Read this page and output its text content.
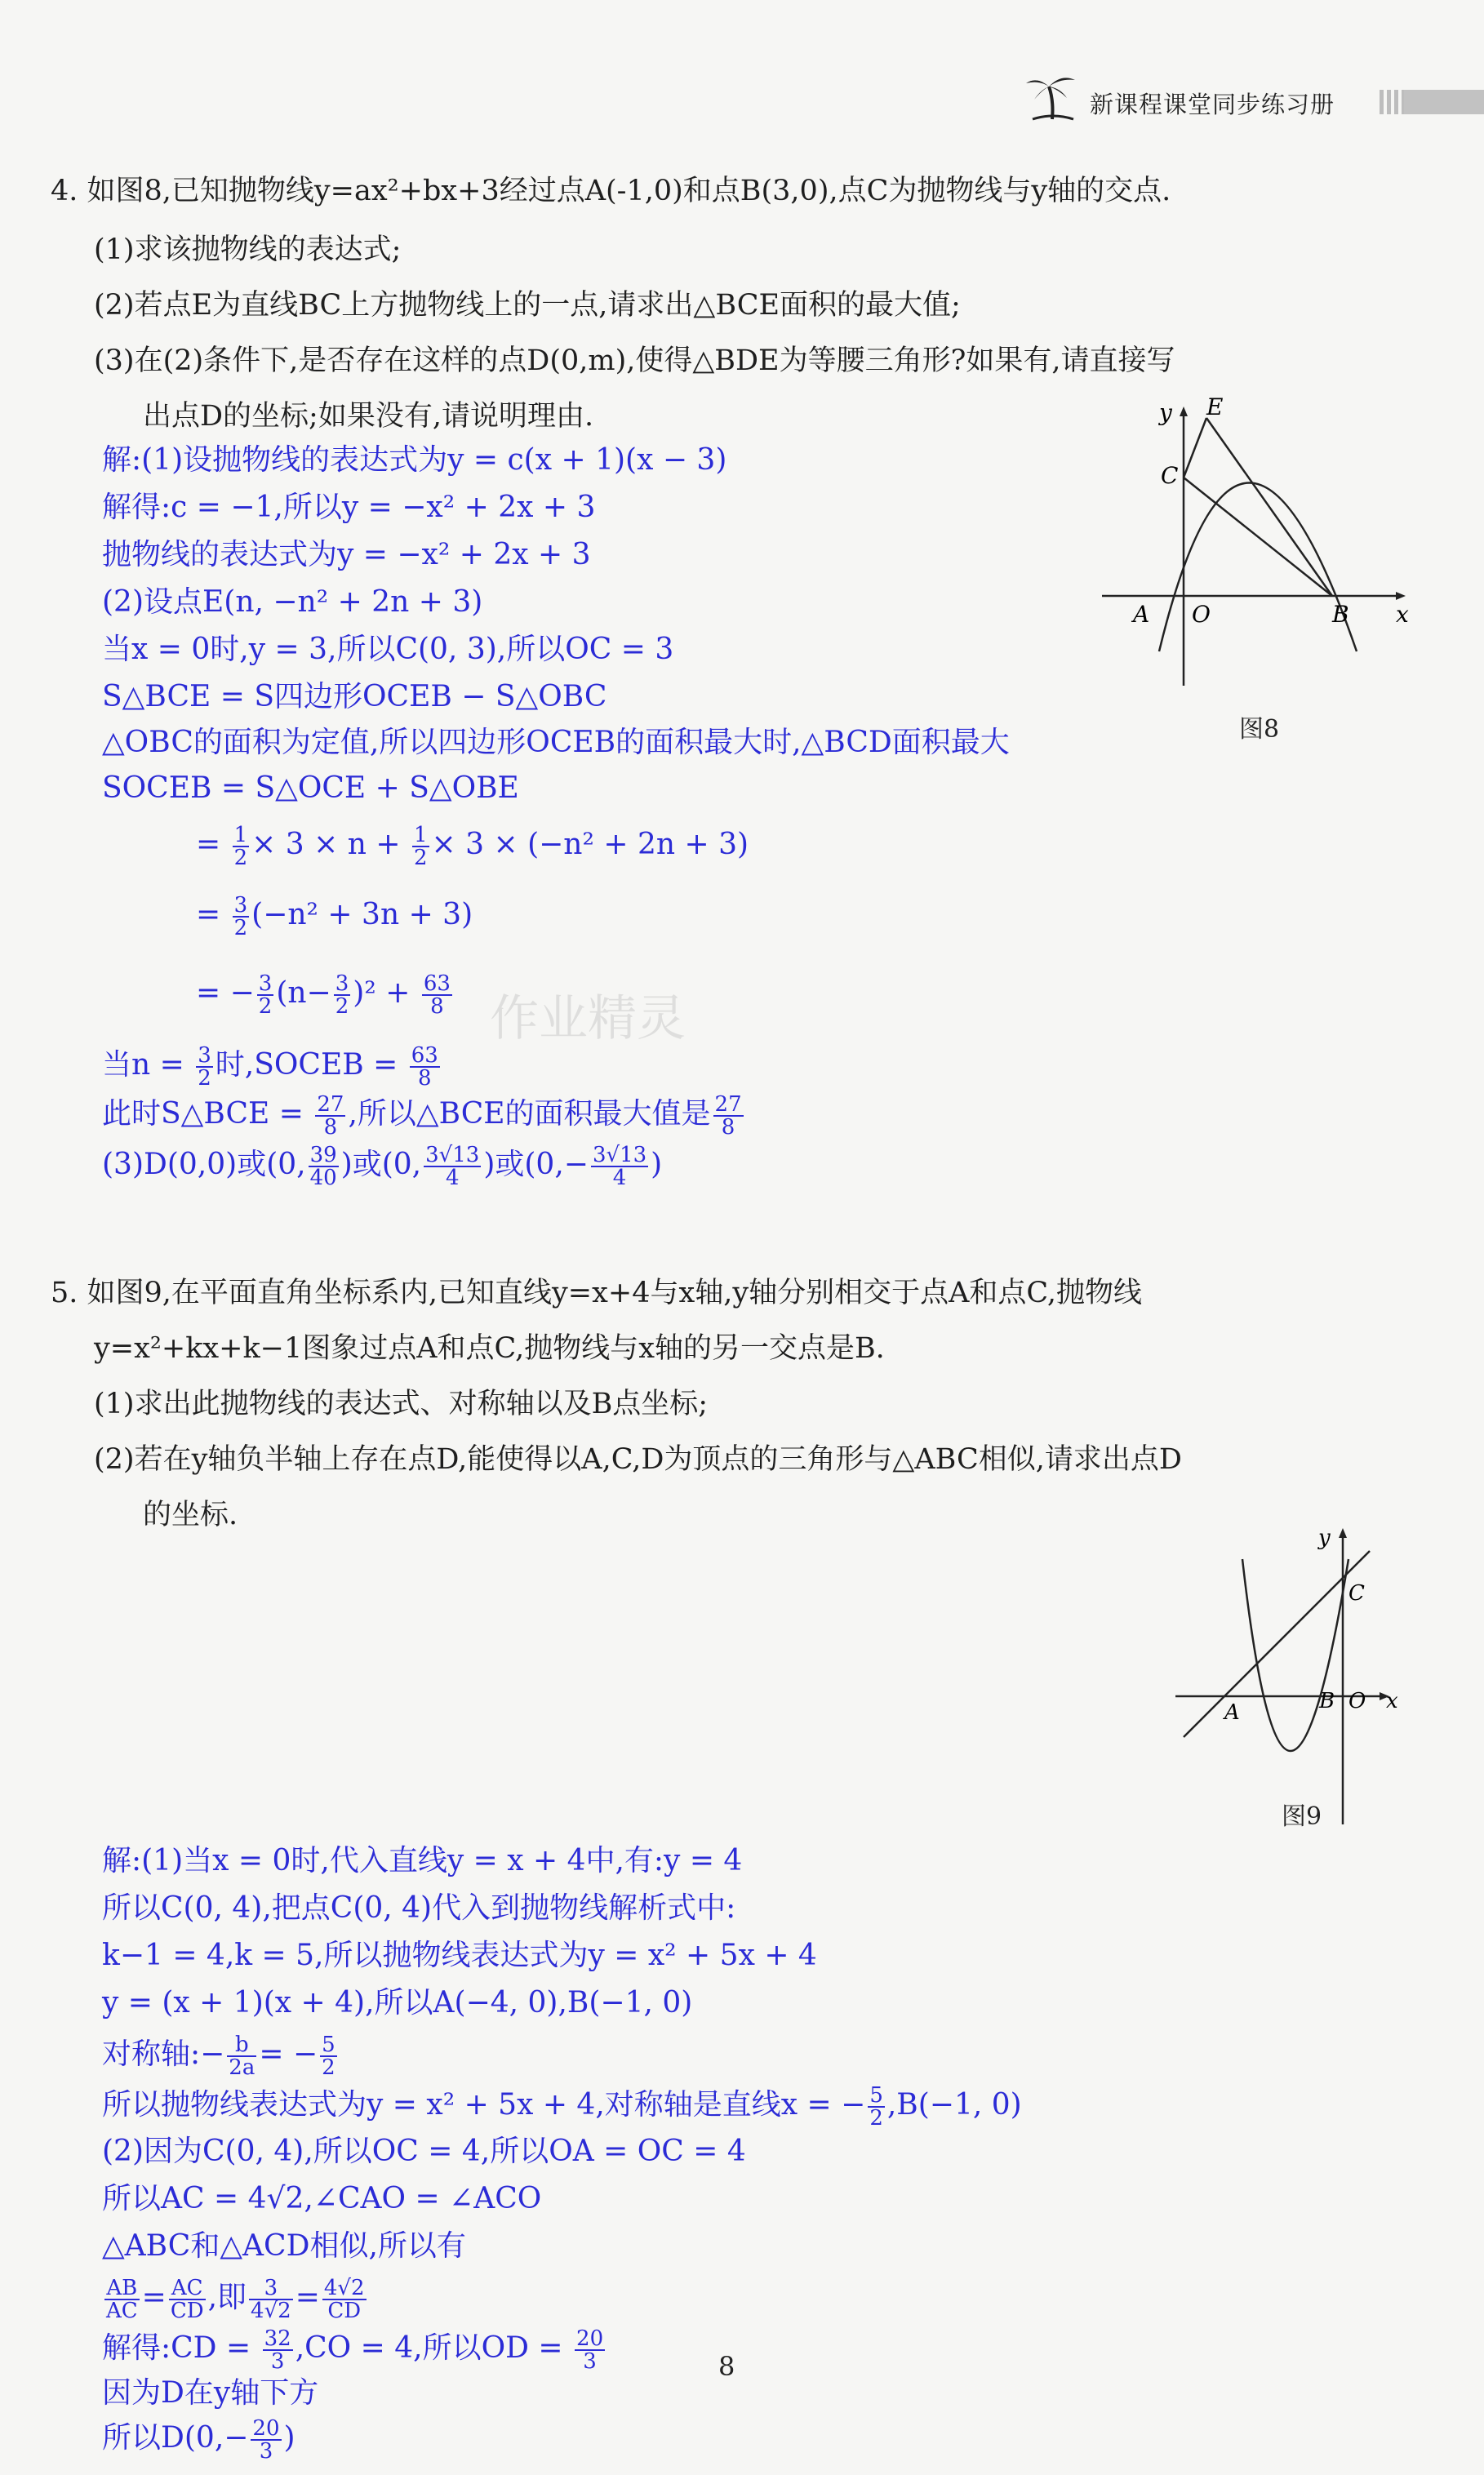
新课程课堂同步练习册
4. 如图8,已知抛物线y=ax²+bx+3经过点A(-1,0)和点B(3,0),点C为抛物线与y轴的交点.
(1)求该抛物线的表达式;
(2)若点E为直线BC上方抛物线上的一点,请求出△BCE面积的最大值;
(3)在(2)条件下,是否存在这样的点D(0,m),使得△BDE为等腰三角形?如果有,请直接写
出点D的坐标;如果没有,请说明理由.	y E
C
A O	B x
图8
解:(1)设抛物线的表达式为y = c(x + 1)(x − 3)
解得:c = −1,所以y = −x² + 2x + 3
抛物线的表达式为y = −x² + 2x + 3
(2)设点E(n, −n² + 2n + 3)
当x = 0时,y = 3,所以C(0, 3),所以OC = 3
S△BCE = S四边形OCEB − S△OBC
△OBC的面积为定值,所以四边形OCEB的面积最大时,△BCD面积最大
SOCEB = S△OCE + S△OBE
= $\frac{1}{2} \times 3 \times n + \frac{1}{2} \times 3 \times (-n^2 + 2n + 3)$
= $\frac{3}{2} (-n^2 + 3n + 3)$
= − $\frac{3}{2} (n- \frac{3}{2} )^2 + \frac{63}{8}$
当$n = \frac{3}{2}$ 时,SOCEB = $\frac{63}{8}$
此时S△BCE = $\frac{27}{8}$ ,所以△BCE的面积最大值是 $\frac{27}{8}$
(3)D(0,0)或(0, $\frac{39}{40}$ )或(0, $\frac{3√13}{4}$ )或($0,- \frac{3√13}{4}$ )
5. 如图9,在平面直角坐标系内,已知直线y=x+4与x轴,y轴分别相交于点A和点C,抛物线
y=x²+kx+k−1图象过点A和点C,抛物线与x轴的另一交点是B.
(1)求出此抛物线的表达式、对称轴以及B点坐标;
(2)若在y轴负半轴上存在点D,能使得以A,C,D为顶点的三角形与△ABC相似,请求出点D
的坐标.
y
C
A	B O x
图9
解:(1)当x = 0时,代入直线y = x + 4中,有:y = 4
所以C(0, 4),把点C(0, 4)代入到抛物线解析式中:
k−1 = 4,k = 5,所以抛物线表达式为y = x² + 5x + 4
y = (x + 1)(x + 4),所以A(−4, 0),B(−1, 0)
对称轴:− $\frac{b}{2a}$ = − $\frac{5}{2}$
所以抛物线表达式为y = x² + 5x + 4,对称轴是直线x = − $\frac{5}{2} ,B(-1$, 0)
(2)因为C(0, 4),所以OC = 4,所以OA = OC = 4
所以AC = 4√2,∠CAO = ∠ACO
△ABC和△ACD相似,所以有
$\frac{AB}{AC} = \frac{AC}{CD}$ ,即 $\frac{3}{4√2} = \frac{4√2}{CD}$
解得:CD = $\frac{32}{3} ,CO = 4$,所以OD = $\frac{20}{3}$
因为D在y轴下方
所以$D(0,- \frac{20}{3}$ )
8
作业精灵
